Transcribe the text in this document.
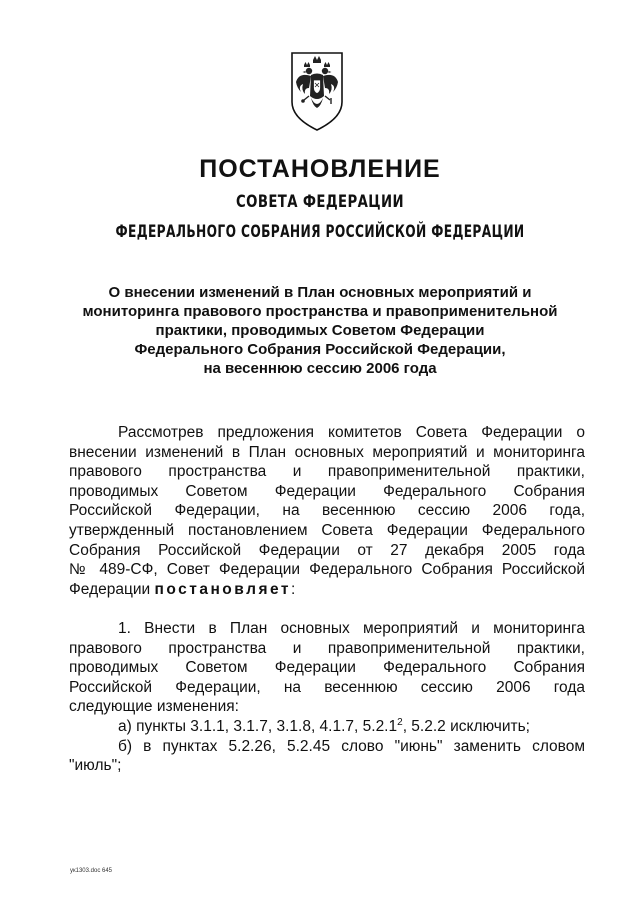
ПОСТАНОВЛЕНИЕ
СОВЕТА ФЕДЕРАЦИИ
ФЕДЕРАЛЬНОГО СОБРАНИЯ РОССИЙСКОЙ ФЕДЕРАЦИИ
О внесении изменений в План основных мероприятий и
мониторинга правового пространства и правоприменительной
практики, проводимых Советом Федерации
Федерального Собрания Российской Федерации,
на весеннюю сессию 2006 года
Рассмотрев предложения комитетов Совета Федерации о
внесении изменений в План основных мероприятий и мониторинга
правового пространства и правоприменительной практики,
проводимых Советом Федерации Федерального Собрания
Российской Федерации, на весеннюю сессию 2006 года,
утвержденный постановлением Совета Федерации Федерального
Собрания Российской Федерации от 27 декабря 2005 года
№ 489-СФ, Совет Федерации Федерального Собрания Российской
Федерации постановляет:
1. Внести в План основных мероприятий и мониторинга
правового пространства и правоприменительной практики,
проводимых Советом Федерации Федерального Собрания
Российской Федерации, на весеннюю сессию 2006 года
следующие изменения:
а) пункты 3.1.1, 3.1.7, 3.1.8, 4.1.7, 5.2.1$^2$, 5.2.2 исключить;
б) в пунктах 5.2.26, 5.2.45 слово "июнь" заменить словом
"июль";
ук1303.doc 645
